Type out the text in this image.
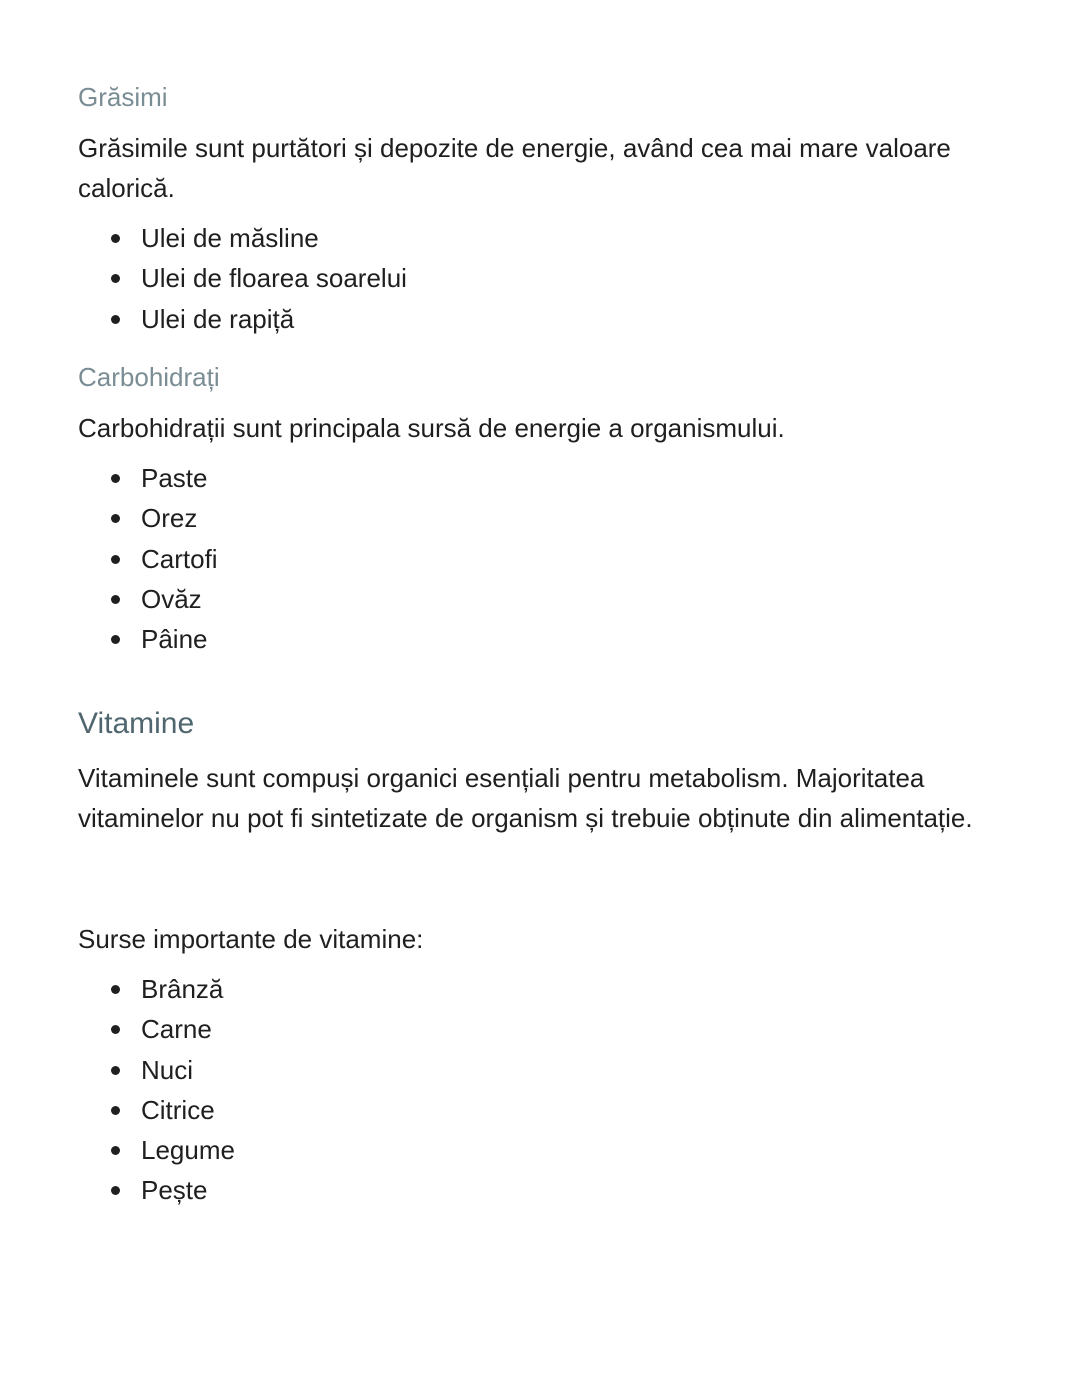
Grăsimi

Grăsimile sunt purtători și depozite de energie, având cea mai mare valoare calorică.

Ulei de măsline
Ulei de floarea soarelui
Ulei de rapiță
Carbohidrați

Carbohidrații sunt principala sursă de energie a organismului.

Paste
Orez
Cartofi
Ovăz
Pâine
Vitamine

Vitaminele sunt compuși organici esențiali pentru metabolism. Majoritatea vitaminelor nu pot fi sintetizate de organism și trebuie obținute din alimentație.

Surse importante de vitamine:

Brânză
Carne
Nuci
Citrice
Legume
Pește
